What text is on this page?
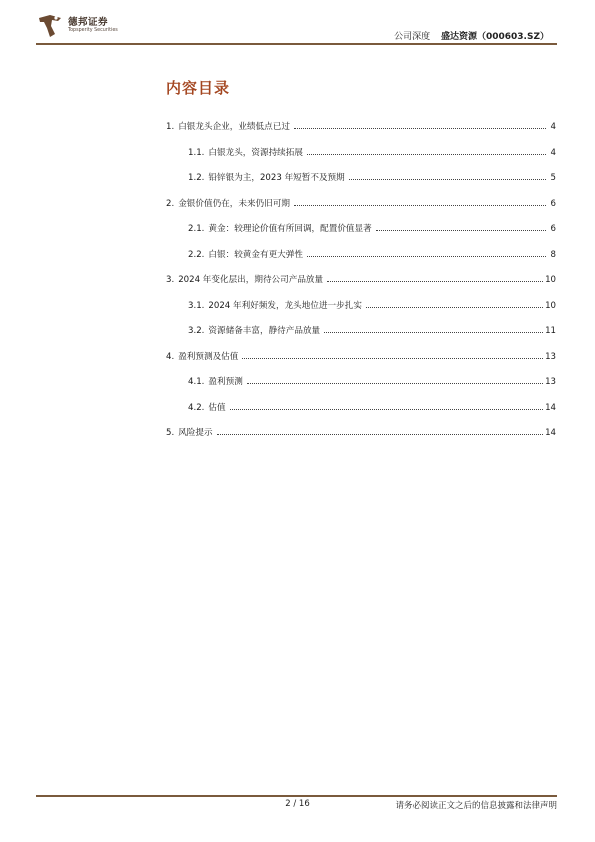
德邦证券
Topsperity Securities
公司深度 盛达资源（000603.SZ）
内容目录
1. 白银龙头企业，业绩低点已过	4
1.1. 白银龙头，资源持续拓展	4
1.2. 铅锌银为主，2023 年短暂不及预期	5
2. 金银价值仍在，未来仍旧可期	6
2.1. 黄金：较理论价值有所回调，配置价值显著	6
2.2. 白银：较黄金有更大弹性	8
3. 2024 年变化层出，期待公司产品放量	10
3.1. 2024 年利好频发，龙头地位进一步扎实	10
3.2. 资源储备丰富，静待产品放量	11
4. 盈利预测及估值	13
4.1. 盈利预测	13
4.2. 估值	14
5. 风险提示	14
2 / 16	请务必阅读正文之后的信息披露和法律声明
